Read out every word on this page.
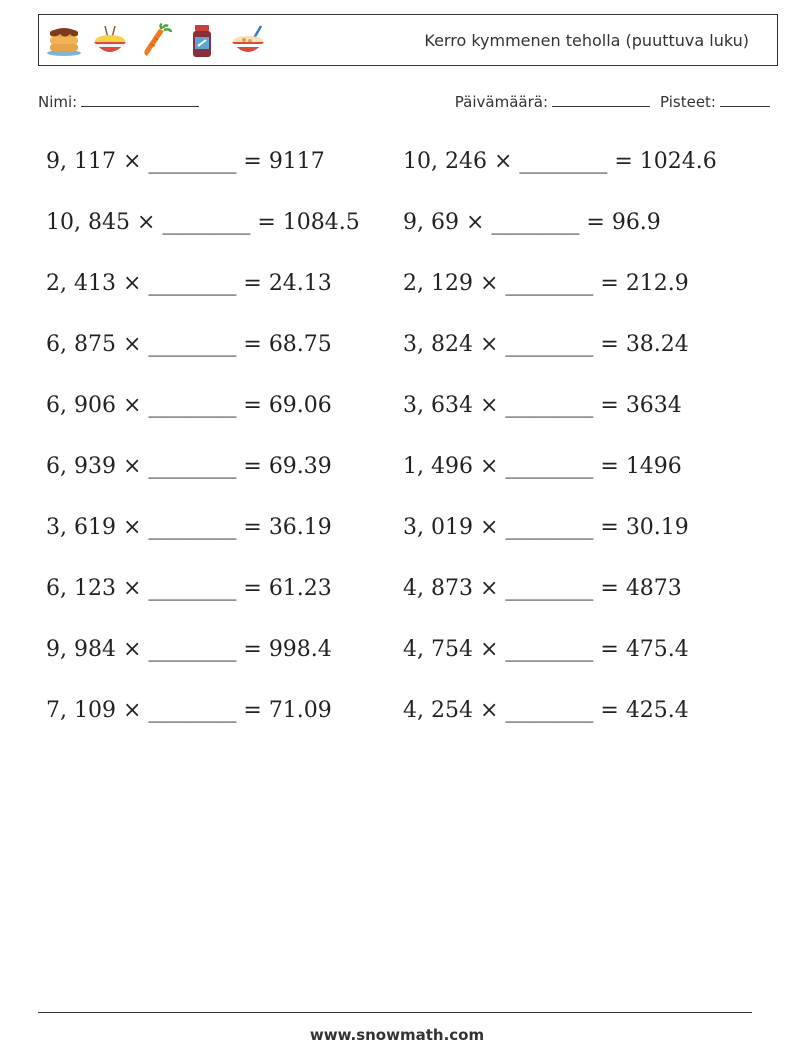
Kerro kymmenen teholla (puuttuva luku)
Nimi:	Päivämäärä:	Pisteet:
9, 117 × ________ = 9117	10, 246 × ________ = 1024.6
10, 845 × ________ = 1084.5	9, 69 × ________ = 96.9
2, 413 × ________ = 24.13	2, 129 × ________ = 212.9
6, 875 × ________ = 68.75	3, 824 × ________ = 38.24
6, 906 × ________ = 69.06	3, 634 × ________ = 3634
6, 939 × ________ = 69.39	1, 496 × ________ = 1496
3, 619 × ________ = 36.19	3, 019 × ________ = 30.19
6, 123 × ________ = 61.23	4, 873 × ________ = 4873
9, 984 × ________ = 998.4	4, 754 × ________ = 475.4
7, 109 × ________ = 71.09	4, 254 × ________ = 425.4
www.snowmath.com
